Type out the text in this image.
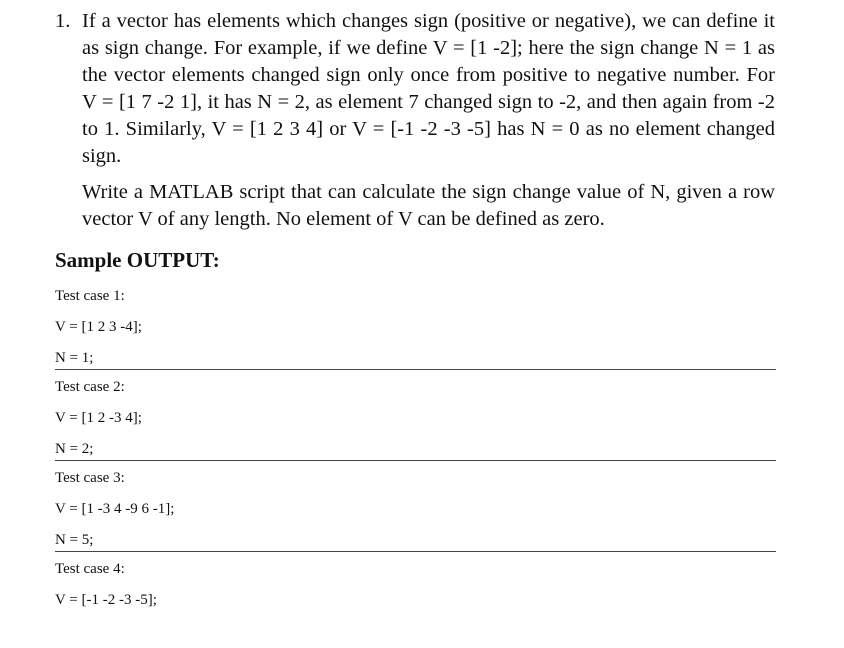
1. If a vector has elements which changes sign (positive or negative), we can define it as sign change. For example, if we define V = [1 -2]; here the sign change N = 1 as the vector elements changed sign only once from positive to negative number. For V = [1 7 -2 1], it has N = 2, as element 7 changed sign to -2, and then again from -2 to 1. Similarly, V = [1 2 3 4] or V = [-1 -2 -3 -5] has N = 0 as no element changed sign.

Write a MATLAB script that can calculate the sign change value of N, given a row vector V of any length. No element of V can be defined as zero.

Sample OUTPUT:
Test case 1:
V = [1 2 3 -4];
N = 1;
Test case 2:
V = [1 2 -3 4];
N = 2;
Test case 3:
V = [1 -3 4 -9 6 -1];
N = 5;
Test case 4:
V = [-1 -2 -3 -5];
